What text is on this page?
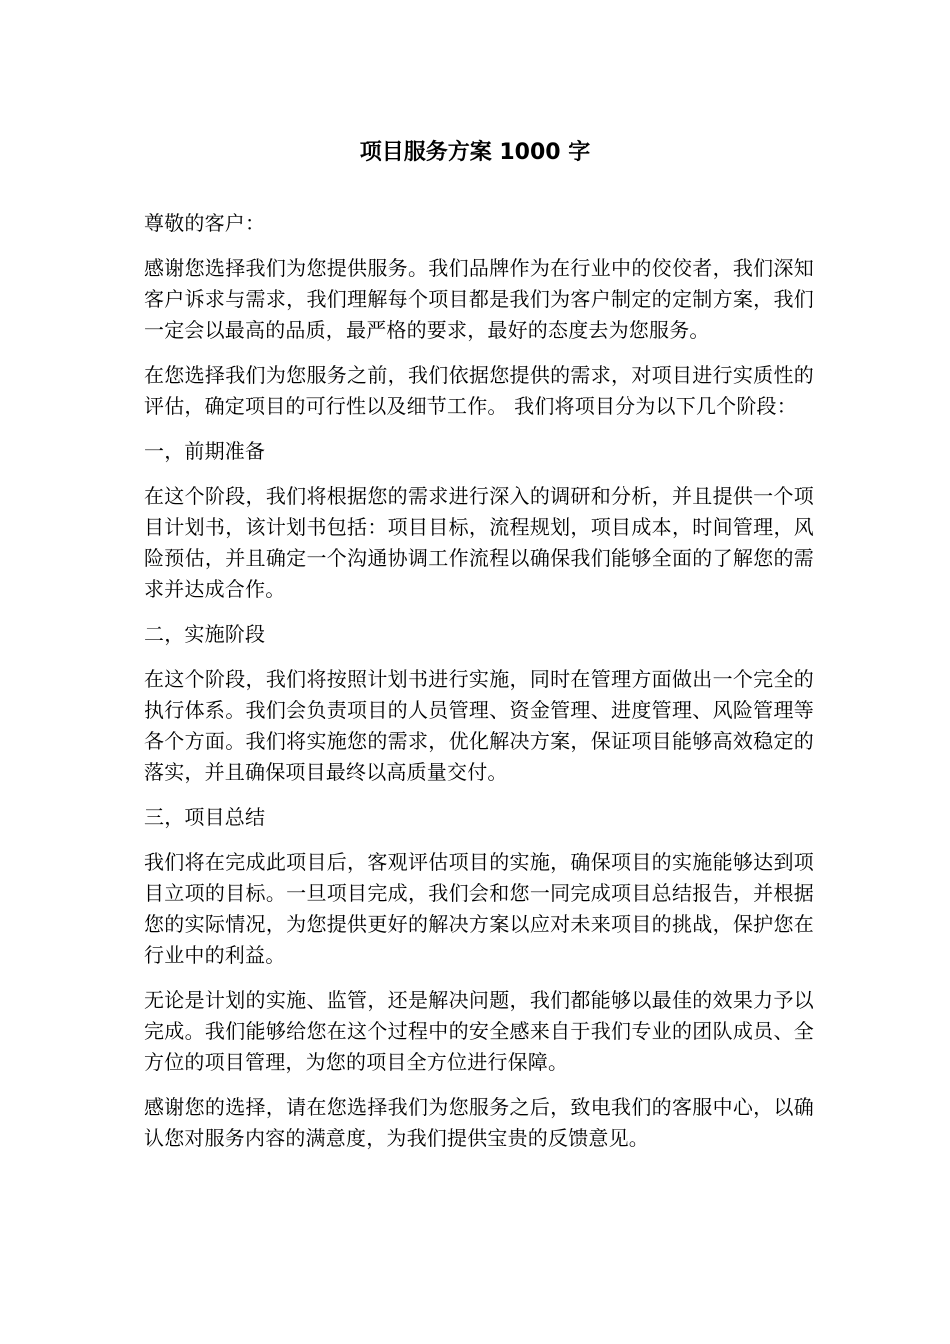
项目服务方案 1000 字

尊敬的客户：

感谢您选择我们为您提供服务。我们品牌作为在行业中的佼佼者，我们深知客户诉求与需求，我们理解每个项目都是我们为客户制定的定制方案，我们一定会以最高的品质，最严格的要求，最好的态度去为您服务。

在您选择我们为您服务之前，我们依据您提供的需求，对项目进行实质性的评估，确定项目的可行性以及细节工作。 我们将项目分为以下几个阶段：

一，前期准备

在这个阶段，我们将根据您的需求进行深入的调研和分析，并且提供一个项目计划书，该计划书包括：项目目标，流程规划，项目成本，时间管理，风险预估，并且确定一个沟通协调工作流程以确保我们能够全面的了解您的需求并达成合作。

二，实施阶段

在这个阶段，我们将按照计划书进行实施，同时在管理方面做出一个完全的执行体系。我们会负责项目的人员管理、资金管理、进度管理、风险管理等各个方面。我们将实施您的需求，优化解决方案，保证项目能够高效稳定的落实，并且确保项目最终以高质量交付。

三，项目总结

我们将在完成此项目后，客观评估项目的实施，确保项目的实施能够达到项目立项的目标。一旦项目完成，我们会和您一同完成项目总结报告，并根据您的实际情况，为您提供更好的解决方案以应对未来项目的挑战，保护您在行业中的利益。

无论是计划的实施、监管，还是解决问题，我们都能够以最佳的效果力予以完成。我们能够给您在这个过程中的安全感来自于我们专业的团队成员、全方位的项目管理，为您的项目全方位进行保障。

感谢您的选择，请在您选择我们为您服务之后，致电我们的客服中心，以确认您对服务内容的满意度，为我们提供宝贵的反馈意见。
